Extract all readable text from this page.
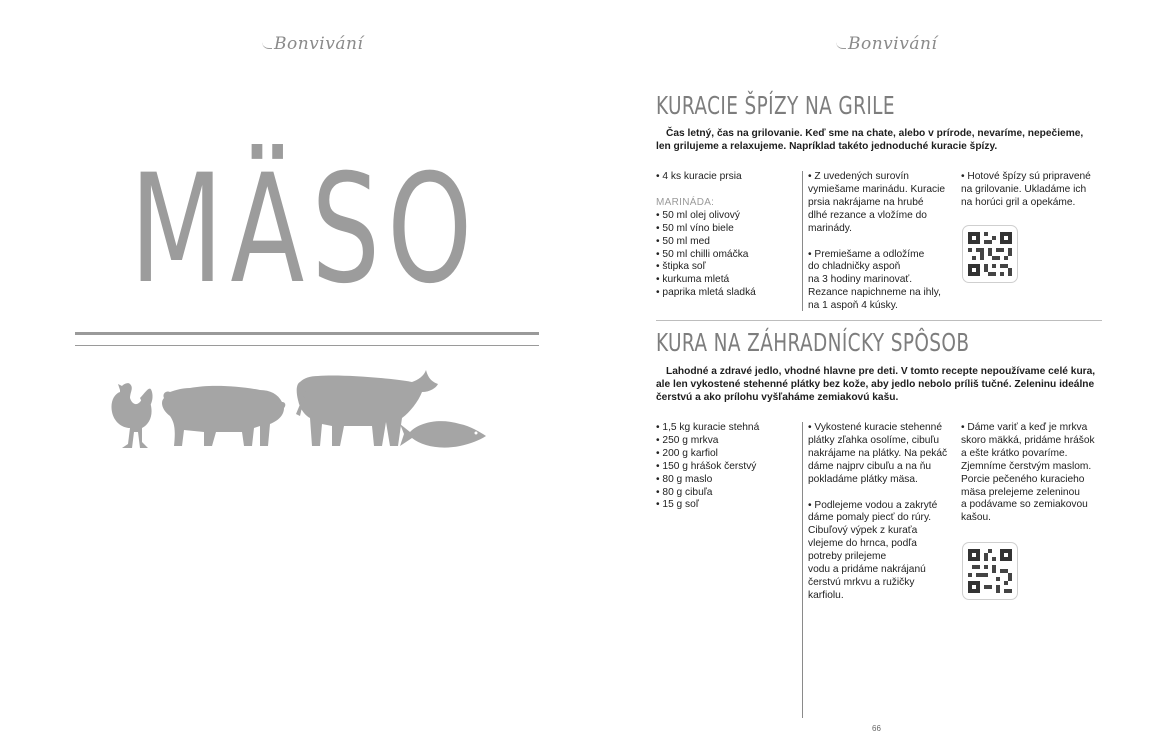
Bonvivání	Bonvivání
MÄSO
KURACIE ŠPÍZY NA GRILE
Čas letný, čas na grilovanie. Keď sme na chate, alebo v prírode, nevaríme, nepečieme, len grilujeme a relaxujeme. Napríklad takéto jednoduché kuracie špízy.

• 4 ks kuracie prsia

MARINÁDA:

• 50 ml olej olivový

• 50 ml víno biele

• 50 ml med

• 50 ml chilli omáčka

• štipka soľ

• kurkuma mletá

• paprika mletá sladká

• Z uvedených surovín

vymiešame marinádu. Kuracie

prsia nakrájame na hrubé

dlhé rezance a vložíme do

marinády.

• Premiešame a odložíme

do chladničky aspoň

na 3 hodiny marinovať.

Rezance napichneme na ihly,

na 1 aspoň 4 kúsky.

• Hotové špízy sú pripravené

na grilovanie. Ukladáme ich

na horúci gril a opekáme.

KURA NA ZÁHRADNÍCKY SPÔSOB
Lahodné a zdravé jedlo, vhodné hlavne pre deti. V tomto recepte nepoužívame celé kura, ale len vykostené stehenné plátky bez kože, aby jedlo nebolo príliš tučné. Zeleninu ideálne čerstvú a ako prílohu vyšľaháme zemiakovú kašu.

• 1,5 kg kuracie stehná

• 250 g mrkva

• 200 g karfiol

• 150 g hrášok čerstvý

• 80 g maslo

• 80 g cibuľa

• 15 g soľ

• Vykostené kuracie stehenné

plátky zľahka osolíme, cibuľu

nakrájame na plátky. Na pekáč

dáme najprv cibuľu a na ňu

pokladáme plátky mäsa.

• Podlejeme vodou a zakryté

dáme pomaly piecť do rúry.

Cibuľový výpek z kuraťa

vlejeme do hrnca, podľa

potreby prilejeme

vodu a pridáme nakrájanú

čerstvú mrkvu a ružičky

karfiolu.

• Dáme variť a keď je mrkva

skoro mäkká, pridáme hrášok

a ešte krátko povaríme.

Zjemníme čerstvým maslom.

Porcie pečeného kuracieho

mäsa prelejeme zeleninou

a podávame so zemiakovou

kašou.

66
